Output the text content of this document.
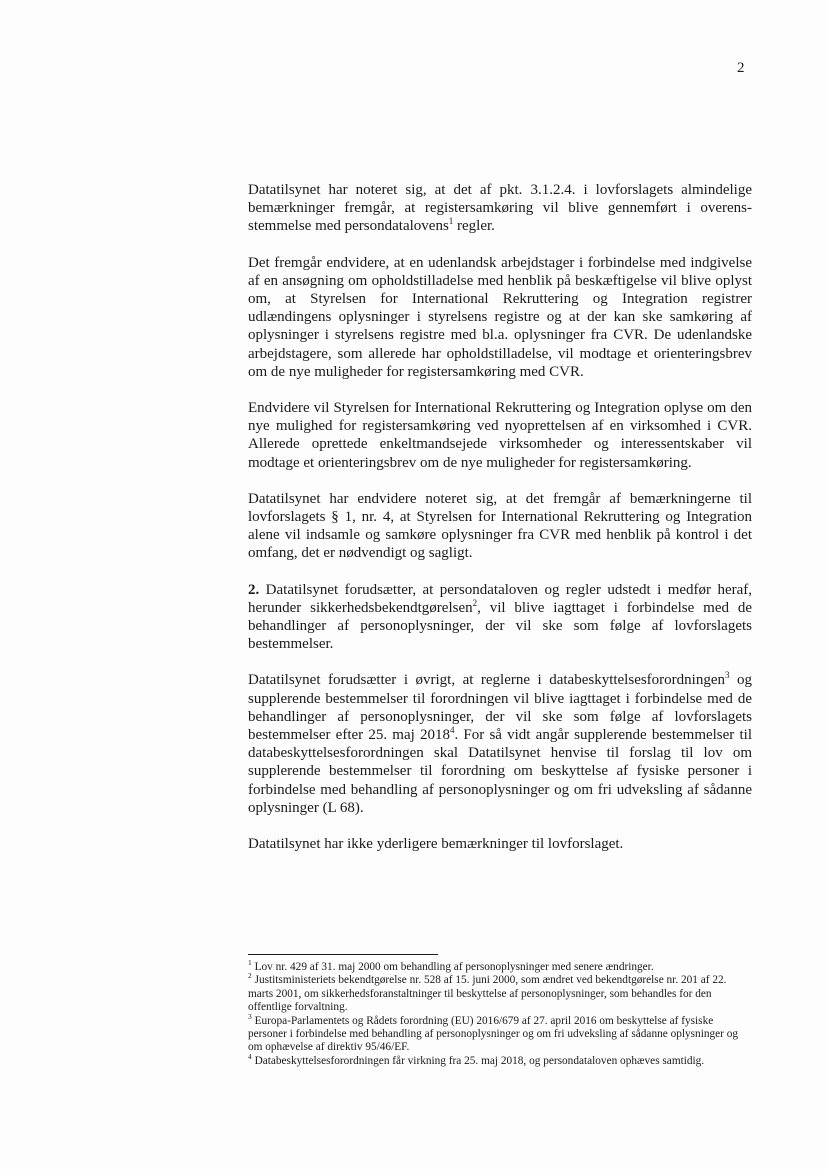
2

Datatilsynet har noteret sig, at det af pkt. 3.1.2.4. i lovforslagets almindelige bemærkninger fremgår, at registersamkøring vil blive gennemført i overensstemmelse med persondatalovens$^1$ regler.

Det fremgår endvidere, at en udenlandsk arbejdstager i forbindelse med indgivelse af en ansøgning om opholdstilladelse med henblik på beskæftigelse vil blive oplyst om, at Styrelsen for International Rekruttering og Integration registrer udlændingens oplysninger i styrelsens registre og at der kan ske samkøring af oplysninger i styrelsens registre med bl.a. oplysninger fra CVR. De udenlandske arbejdstagere, som allerede har opholdstilladelse, vil modtage et orienteringsbrev om de nye muligheder for registersamkøring med CVR.

Endvidere vil Styrelsen for International Rekruttering og Integration oplyse om den nye mulighed for registersamkøring ved nyoprettelsen af en virksomhed i CVR. Allerede oprettede enkeltmandsejede virksomheder og interessentskaber vil modtage et orienteringsbrev om de nye muligheder for registersamkøring.

Datatilsynet har endvidere noteret sig, at det fremgår af bemærkningerne til lovforslagets § 1, nr. 4, at Styrelsen for International Rekruttering og Integration alene vil indsamle og samkøre oplysninger fra CVR med henblik på kontrol i det omfang, det er nødvendigt og sagligt.

2. Datatilsynet forudsætter, at persondataloven og regler udstedt i medfør heraf, herunder sikkerhedsbekendtgørelsen$^2$, vil blive iagttaget i forbindelse med de behandlinger af personoplysninger, der vil ske som følge af lovforslagets bestemmelser.

Datatilsynet forudsætter i øvrigt, at reglerne i databeskyttelsesforordningen$^3$ og supplerende bestemmelser til forordningen vil blive iagttaget i forbindelse med de behandlinger af personoplysninger, der vil ske som følge af lovforslagets bestemmelser efter 25. maj 2018$^4$. For så vidt angår supplerende bestemmelser til databeskyttelsesforordningen skal Datatilsynet henvise til forslag til lov om supplerende bestemmelser til forordning om beskyttelse af fysiske personer i forbindelse med behandling af personoplysninger og om fri udveksling af sådanne oplysninger (L 68).

Datatilsynet har ikke yderligere bemærkninger til lovforslaget.

$^1$ Lov nr. 429 af 31. maj 2000 om behandling af personoplysninger med senere ændringer.

$^2$ Justitsministeriets bekendtgørelse nr. 528 af 15. juni 2000, som ændret ved bekendtgørelse nr. 201 af 22. marts 2001, om sikkerhedsforanstaltninger til beskyttelse af personoplysninger, som behandles for den offentlige forvaltning.

$^3$ Europa-Parlamentets og Rådets forordning (EU) 2016/679 af 27. april 2016 om beskyttelse af fysiske personer i forbindelse med behandling af personoplysninger og om fri udveksling af sådanne oplysninger og om ophævelse af direktiv 95/46/EF.

$^4$ Databeskyttelsesforordningen får virkning fra 25. maj 2018, og persondataloven ophæves samtidig.
